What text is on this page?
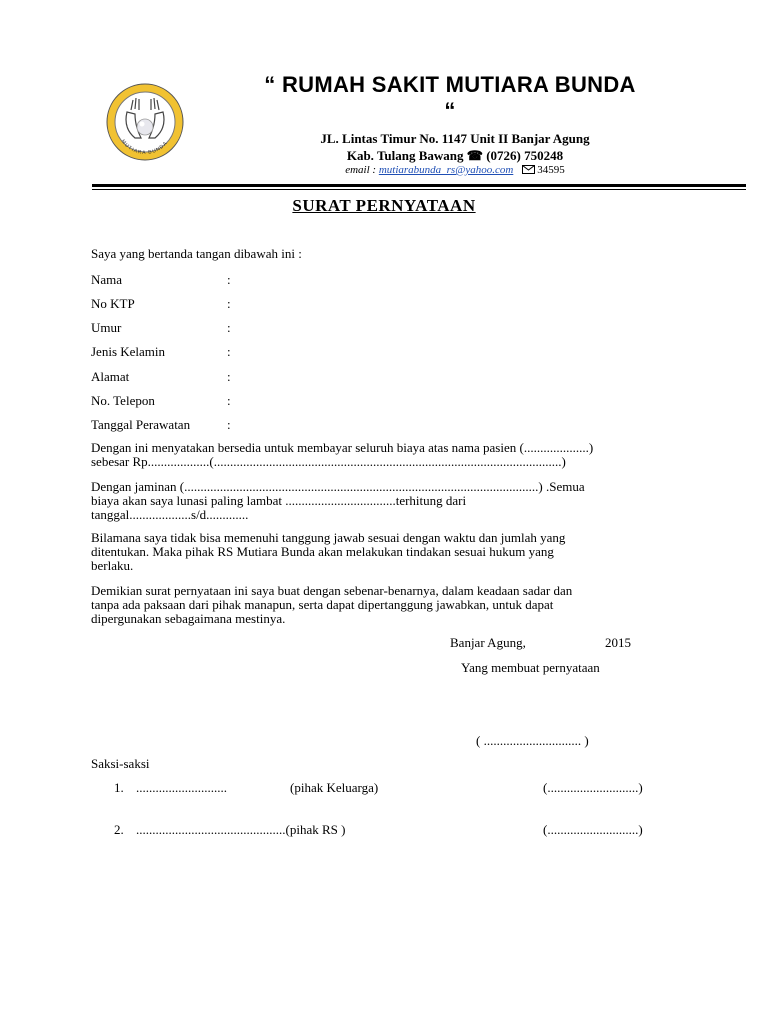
MUTIARA BUNDA
“ RUMAH SAKIT MUTIARA BUNDA
“
JL. Lintas Timur No. 1147 Unit II Banjar Agung
Kab. Tulang Bawang ☎ (0726) 750248
email : mutiarabunda_rs@yahoo.com 34595
SURAT PERNYATAAN
Saya yang bertanda tangan dibawah ini :
Nama	:
No KTP	:
Umur	:
Jenis Kelamin	:
Alamat	:
No. Telepon	:
Tanggal Perawatan	:
Dengan ini menyatakan bersedia untuk membayar seluruh biaya atas nama pasien (....................)
sebesar Rp...................(...........................................................................................................)
Dengan jaminan (.............................................................................................................) .Semua
biaya akan saya lunasi paling lambat ..................................terhitung dari
tanggal...................s/d.............
Bilamana saya tidak bisa memenuhi tanggung jawab sesuai dengan waktu dan jumlah yang
ditentukan. Maka pihak RS Mutiara Bunda akan melakukan tindakan sesuai hukum yang
berlaku.
Demikian surat pernyataan ini saya buat dengan sebenar-benarnya, dalam keadaan sadar dan
tanpa ada paksaan dari pihak manapun, serta dapat dipertanggung jawabkan, untuk dapat
dipergunakan sebagaimana mestinya.
Banjar Agung,	2015
Yang membuat pernyataan
( .............................. )
Saksi-saksi
1. ............................	(pihak Keluarga)	(............................)
2. ..............................................(pihak RS )	(............................)
